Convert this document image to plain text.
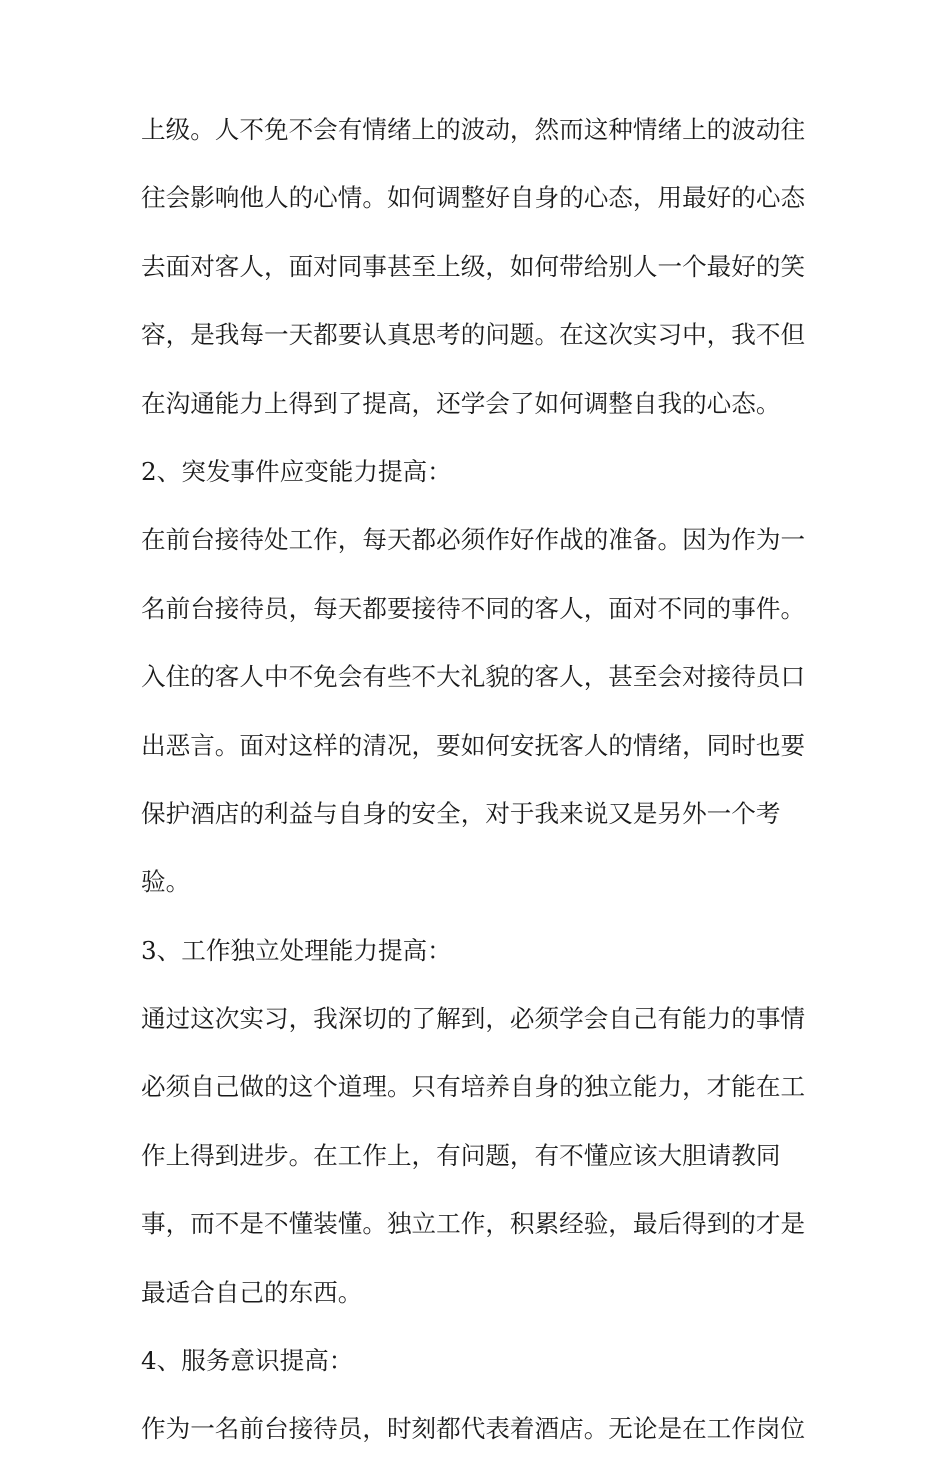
上级。人不免不会有情绪上的波动，然而这种情绪上的波动往
往会影响他人的心情。如何调整好自身的心态，用最好的心态
去面对客人，面对同事甚至上级，如何带给别人一个最好的笑
容，是我每一天都要认真思考的问题。在这次实习中，我不但
在沟通能力上得到了提高，还学会了如何调整自我的心态。
2、突发事件应变能力提高：
在前台接待处工作，每天都必须作好作战的准备。因为作为一
名前台接待员，每天都要接待不同的客人，面对不同的事件。
入住的客人中不免会有些不大礼貌的客人，甚至会对接待员口
出恶言。面对这样的清况，要如何安抚客人的情绪，同时也要
保护酒店的利益与自身的安全，对于我来说又是另外一个考
验。
3、工作独立处理能力提高：
通过这次实习，我深切的了解到，必须学会自己有能力的事情
必须自己做的这个道理。只有培养自身的独立能力，才能在工
作上得到进步。在工作上，有问题，有不懂应该大胆请教同
事，而不是不懂装懂。独立工作，积累经验，最后得到的才是
最适合自己的东西。
4、服务意识提高：
作为一名前台接待员，时刻都代表着酒店。无论是在工作岗位
